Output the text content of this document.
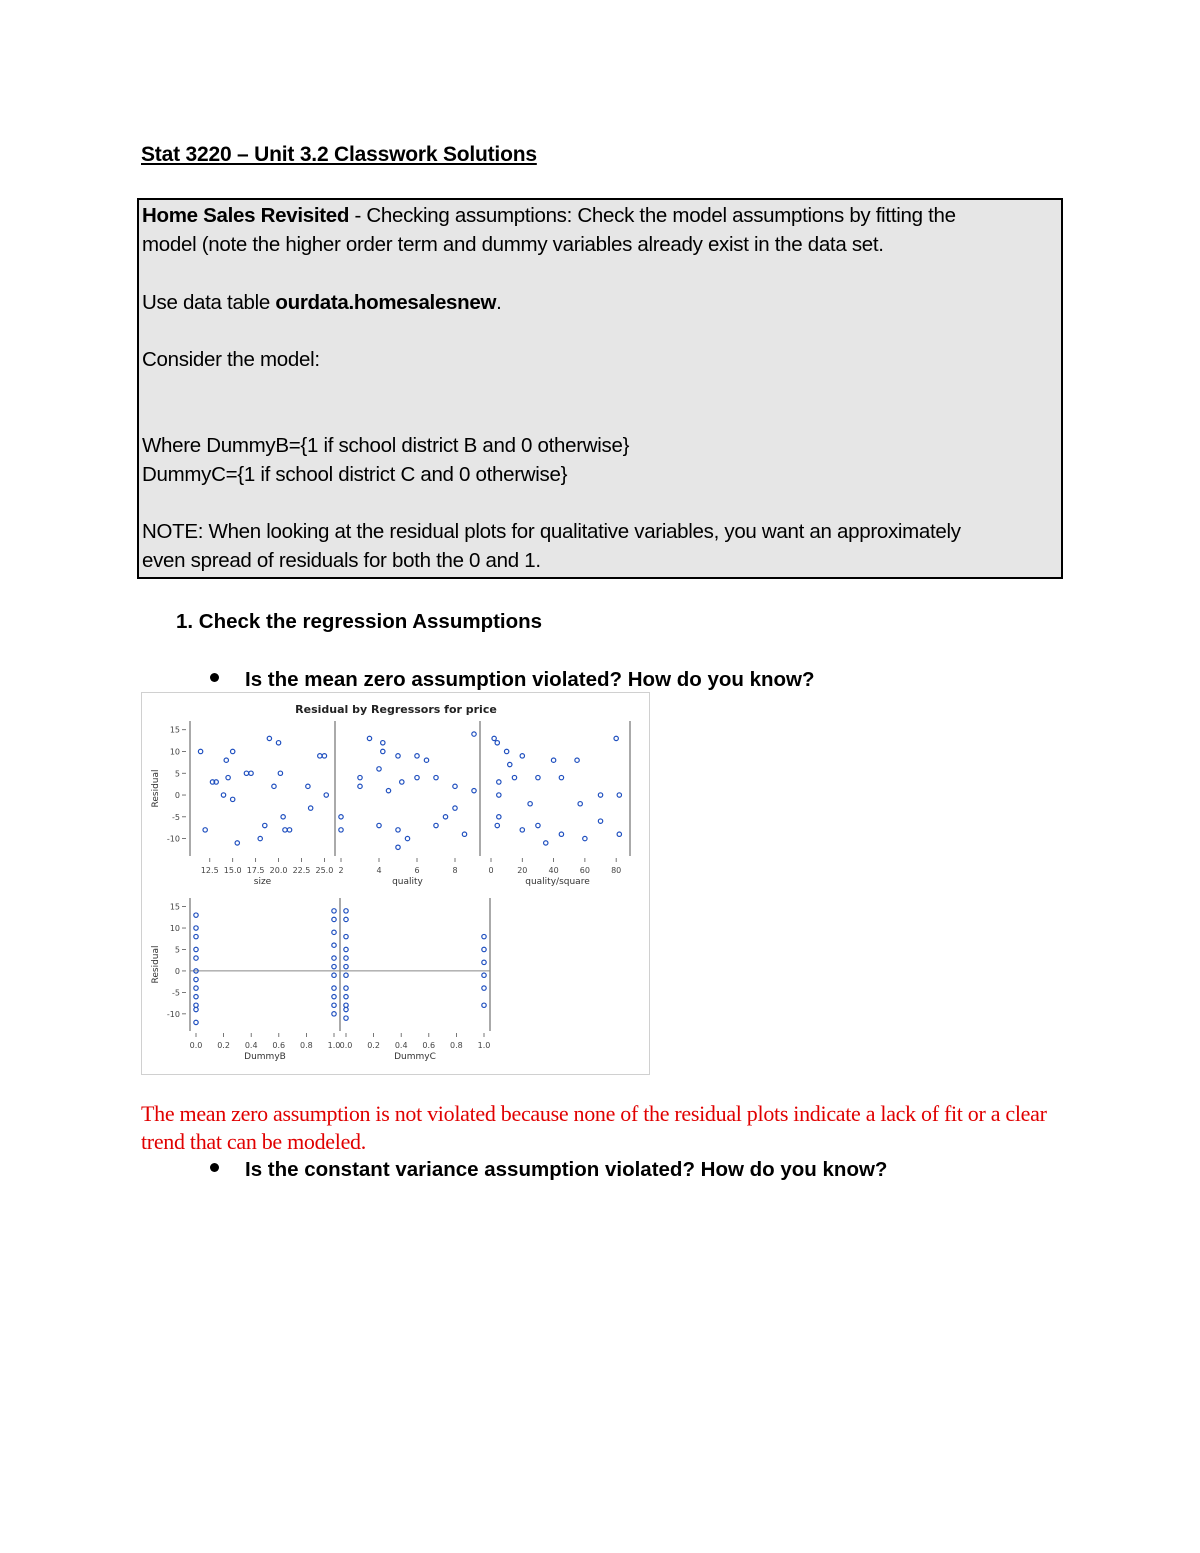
Stat 3220 – Unit 3.2 Classwork Solutions
Home Sales Revisited - Checking assumptions: Check the model assumptions by fitting the
model (note the higher order term and dummy variables already exist in the data set.
Use data table ourdata.homesalesnew.
Consider the model:
Where DummyB={1 if school district B and 0 otherwise}
DummyC={1 if school district C and 0 otherwise}
NOTE: When looking at the residual plots for qualitative variables, you want an approximately
even spread of residuals for both the 0 and 1.
1. Check the regression Assumptions
Is the mean zero assumption violated? How do you know?
Residual by Regressors for price
Residual
15
10
5
0
-5
-10
12.5 15.0 17.5 20.0 22.5 25.0
size
2	4	6	8
quality
0	20	40	60	80
quality/square
Residual
15
10
5
0
-5
-10
0.0 0.2 0.4 0.6 0.8 1.0
DummyB
0.0 0.2 0.4 0.6 0.8 1.0
DummyC
The mean zero assumption is not violated because none of the residual plots indicate a lack of fit or a clear trend that can be modeled.
Is the constant variance assumption violated? How do you know?
